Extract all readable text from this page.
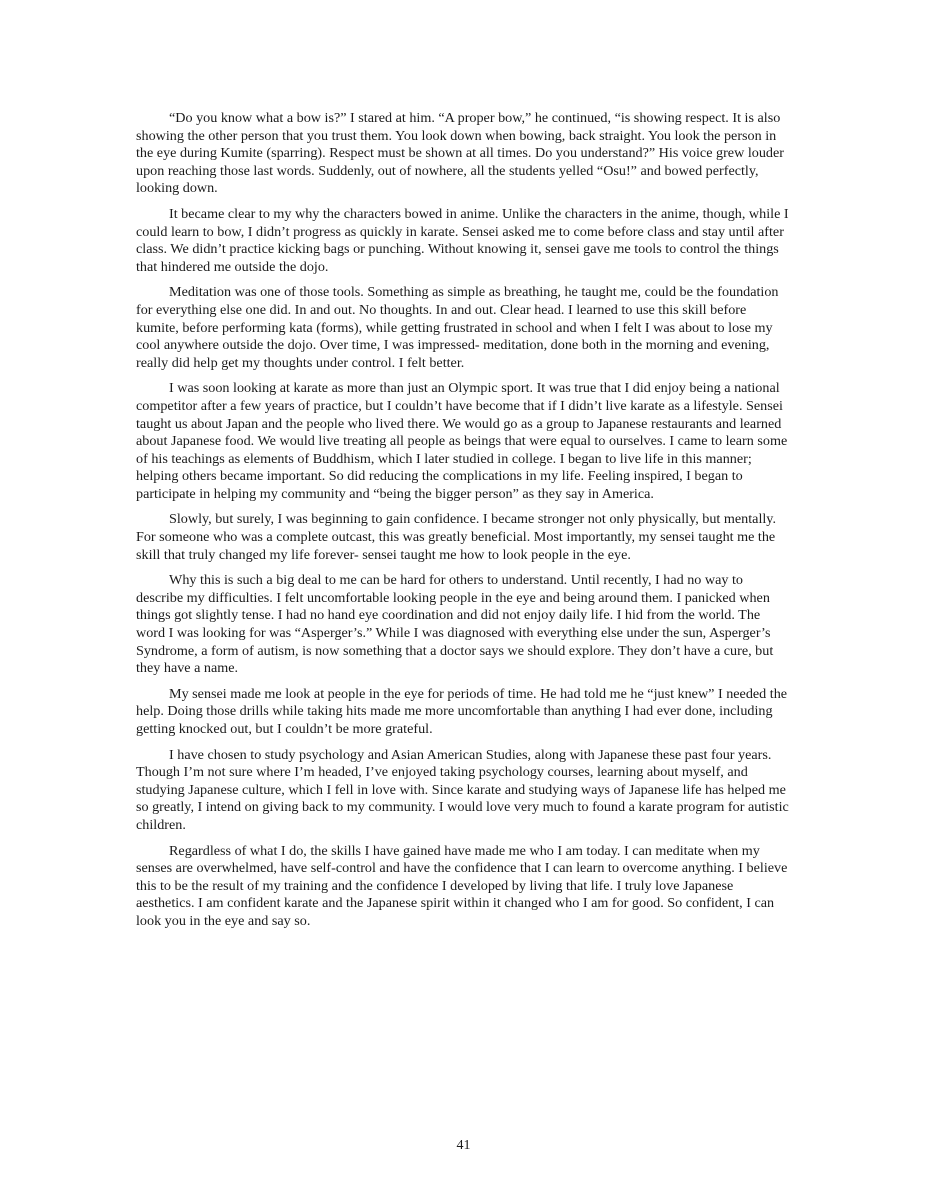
“Do you know what a bow is?” I stared at him. “A proper bow,” he continued, “is showing respect. It is also showing the other person that you trust them. You look down when bowing, back straight. You look the person in the eye during Kumite (sparring). Respect must be shown at all times. Do you understand?” His voice grew louder upon reaching those last words. Suddenly, out of nowhere, all the students yelled “Osu!” and bowed perfectly, looking down.

It became clear to my why the characters bowed in anime. Unlike the characters in the anime, though, while I could learn to bow, I didn’t progress as quickly in karate. Sensei asked me to come before class and stay until after class. We didn’t practice kicking bags or punching. Without knowing it, sensei gave me tools to control the things that hindered me outside the dojo.

Meditation was one of those tools. Something as simple as breathing, he taught me, could be the foundation for everything else one did. In and out. No thoughts. In and out. Clear head. I learned to use this skill before kumite, before performing kata (forms), while getting frustrated in school and when I felt I was about to lose my cool anywhere outside the dojo. Over time, I was impressed- meditation, done both in the morning and evening, really did help get my thoughts under control. I felt better.

I was soon looking at karate as more than just an Olympic sport. It was true that I did enjoy being a national competitor after a few years of practice, but I couldn’t have become that if I didn’t live karate as a lifestyle. Sensei taught us about Japan and the people who lived there. We would go as a group to Japanese restaurants and learned about Japanese food. We would live treating all people as beings that were equal to ourselves. I came to learn some of his teachings as elements of Buddhism, which I later studied in college. I began to live life in this manner; helping others became important. So did reducing the complications in my life. Feeling inspired, I began to participate in helping my community and “being the bigger person” as they say in America.

Slowly, but surely, I was beginning to gain confidence. I became stronger not only physically, but mentally. For someone who was a complete outcast, this was greatly beneficial. Most importantly, my sensei taught me the skill that truly changed my life forever- sensei taught me how to look people in the eye.

Why this is such a big deal to me can be hard for others to understand. Until recently, I had no way to describe my difficulties. I felt uncomfortable looking people in the eye and being around them. I panicked when things got slightly tense. I had no hand eye coordination and did not enjoy daily life. I hid from the world. The word I was looking for was “Asperger’s.” While I was diagnosed with everything else under the sun, Asperger’s Syndrome, a form of autism, is now something that a doctor says we should explore. They don’t have a cure, but they have a name.

My sensei made me look at people in the eye for periods of time. He had told me he “just knew” I needed the help. Doing those drills while taking hits made me more uncomfortable than anything I had ever done, including getting knocked out, but I couldn’t be more grateful.

I have chosen to study psychology and Asian American Studies, along with Japanese these past four years. Though I’m not sure where I’m headed, I’ve enjoyed taking psychology courses, learning about myself, and studying Japanese culture, which I fell in love with. Since karate and studying ways of Japanese life has helped me so greatly, I intend on giving back to my community. I would love very much to found a karate program for autistic children.

Regardless of what I do, the skills I have gained have made me who I am today. I can meditate when my senses are overwhelmed, have self-control and have the confidence that I can learn to overcome anything. I believe this to be the result of my training and the confidence I developed by living that life. I truly love Japanese aesthetics. I am confident karate and the Japanese spirit within it changed who I am for good. So confident, I can look you in the eye and say so.

41
